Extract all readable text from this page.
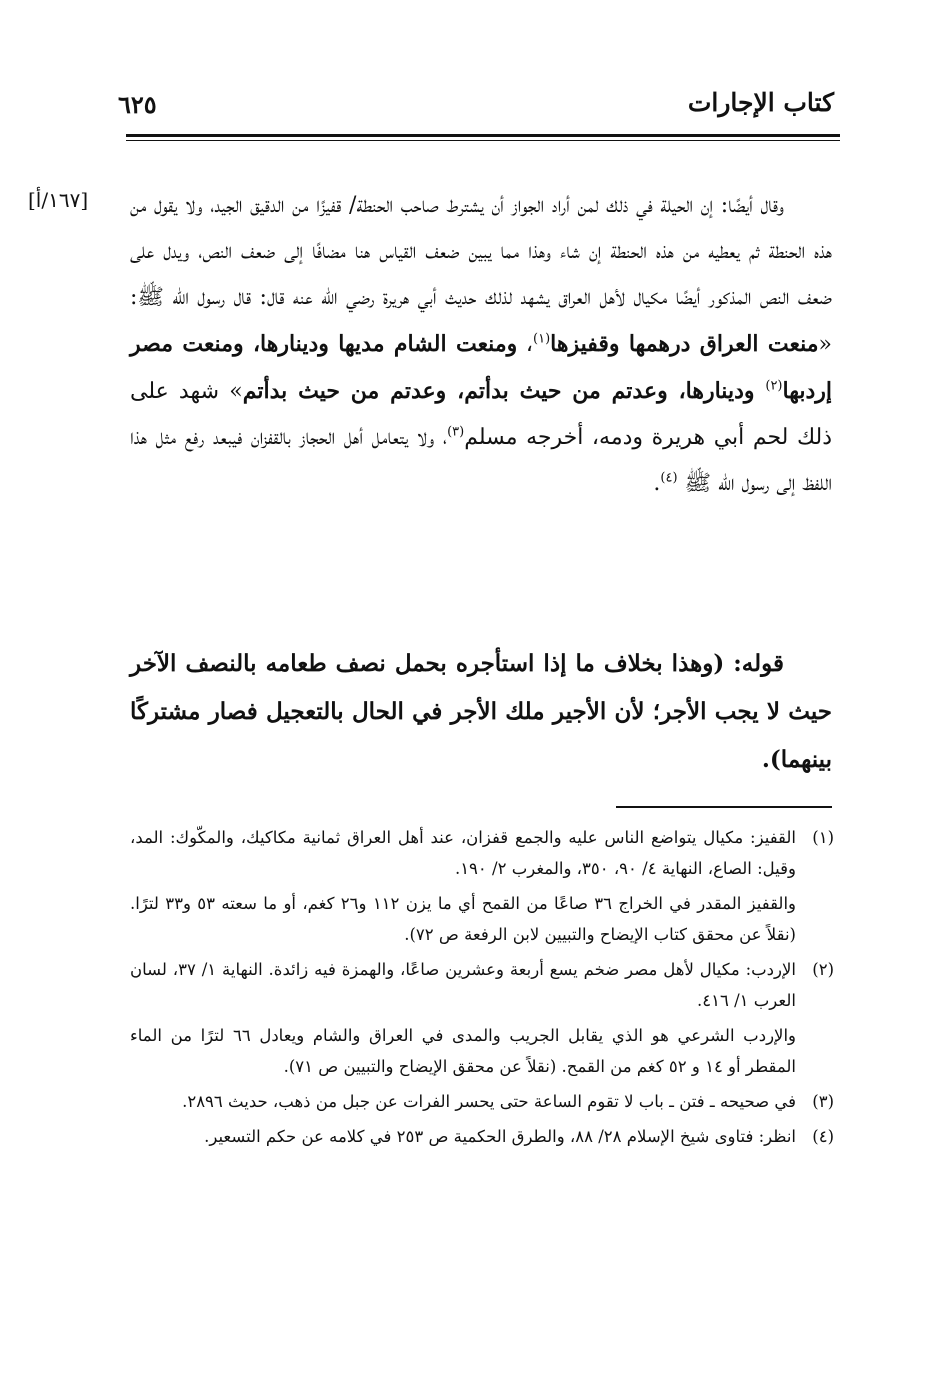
كتاب الإجارات
٦٢٥
[١٦٧/أ] وقال أيضًا: إن الحيلة في ذلك لمن أراد الجواز أن يشترط صاحب الحنطة/ قفيزًا من الدقيق الجيد، ولا يقول من هذه الحنطة ثم يعطيه من هذه الحنطة إن شاء وهذا مما يبين ضعف القياس هنا مضافًا إلى ضعف النص، ويدل على ضعف النص المذكور أيضًا مكيال لأهل العراق يشهد لذلك حديث أبي هريرة رضي الله عنه قال: قال رسول الله ﷺ: «منعت العراق درهمها وقفيزها$^{(١)}$، ومنعت الشام مديها ودينارها، ومنعت مصر إردبها$^{(٢)}$ ودينارها، وعدتم من حيث بدأتم، وعدتم من حيث بدأتم» شهد على ذلك لحم أبي هريرة ودمه، أخرجه مسلم$^{(٣)}$، ولا يتعامل أهل الحجاز بالقفزان فيبعد رفع مثل هذا اللفظ إلى رسول الله ﷺ $^{(٤)}$.

قوله: (وهذا بخلاف ما إذا استأجره بحمل نصف طعامه بالنصف الآخر حيث لا يجب الأجر؛ لأن الأجير ملك الأجر في الحال بالتعجيل فصار مشتركًا بينهما).

(١)
القفيز: مكيال يتواضع الناس عليه والجمع قفزان، عند أهل العراق ثمانية مكاكيك، والمكّوك: المد، وقيل: الصاع، النهاية ٤/ ٩٠، ٣٥٠، والمغرب ٢/ ١٩٠.
والقفيز المقدر في الخراج ٣٦ صاعًا من القمح أي ما يزن ١١٢ و٢٦ كغم، أو ما سعته ٥٣ و٣٣ لترًا. (نقلاً عن محقق كتاب الإيضاح والتبيين لابن الرفعة ص ٧٢).
(٢)
الإردب: مكيال لأهل مصر ضخم يسع أربعة وعشرين صاعًا، والهمزة فيه زائدة. النهاية ١/ ٣٧، لسان العرب ١/ ٤١٦.
والإردب الشرعي هو الذي يقابل الجريب والمدى في العراق والشام ويعادل ٦٦ لترًا من الماء المقطر أو ١٤ و ٥٢ كغم من القمح. (نقلاً عن محقق الإيضاح والتبيين ص ٧١).
(٣)
في صحيحه ـ فتن ـ باب لا تقوم الساعة حتى يحسر الفرات عن جبل من ذهب، حديث ٢٨٩٦.
(٤)
انظر: فتاوى شيخ الإسلام ٢٨/ ٨٨، والطرق الحكمية ص ٢٥٣ في كلامه عن حكم التسعير.
